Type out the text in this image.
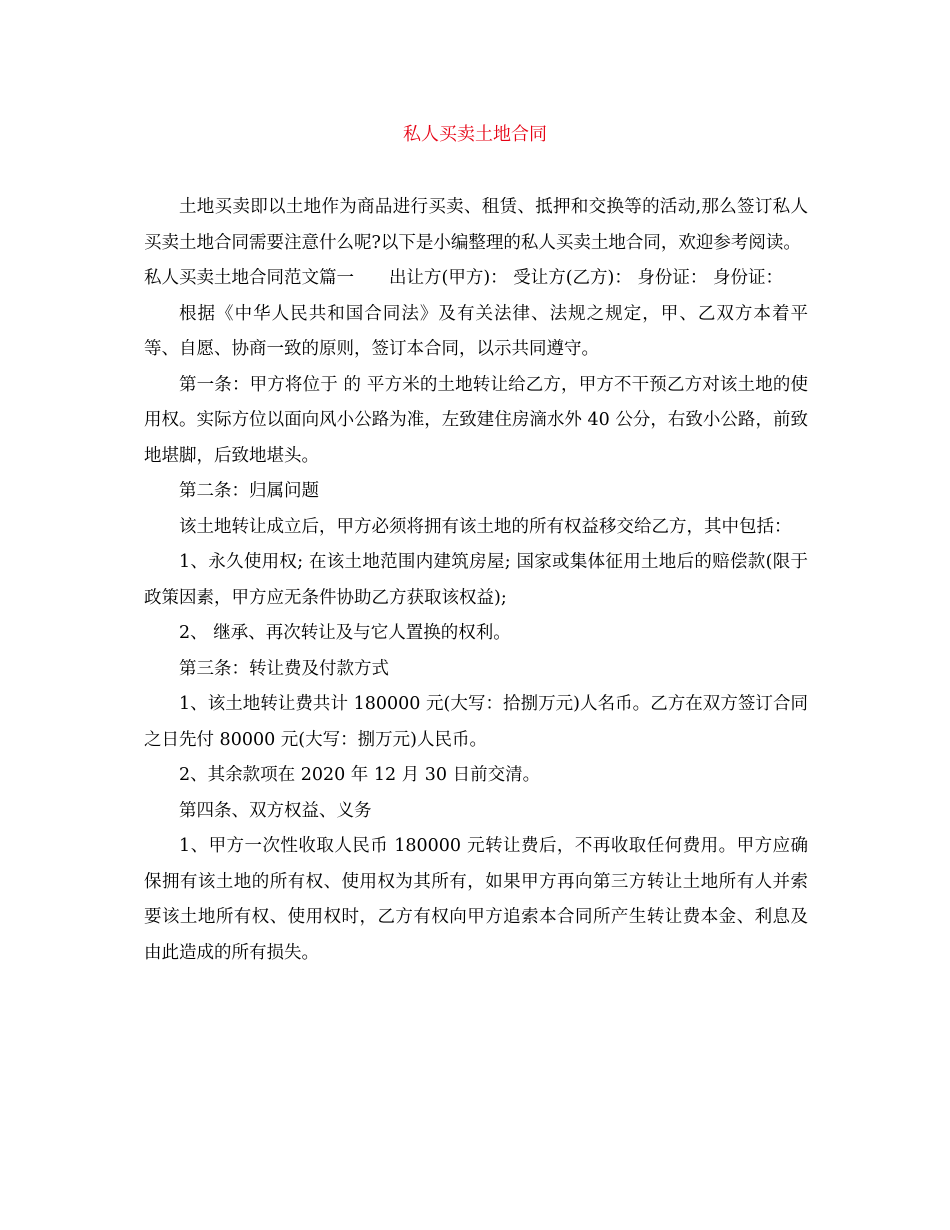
私人买卖土地合同

土地买卖即以土地作为商品进行买卖、租赁、抵押和交换等的活动,那么签订私人买卖土地合同需要注意什么呢?以下是小编整理的私人买卖土地合同，欢迎参考阅读。

私人买卖土地合同范文篇一　　出让方(甲方)： 受让方(乙方)： 身份证： 身份证：

根据《中华人民共和国合同法》及有关法律、法规之规定，甲、乙双方本着平等、自愿、协商一致的原则，签订本合同，以示共同遵守。

第一条：甲方将位于 的 平方米的土地转让给乙方，甲方不干预乙方对该土地的使用权。实际方位以面向风小公路为准，左致建住房滴水外 40 公分，右致小公路，前致地堪脚，后致地堪头。

第二条：归属问题

该土地转让成立后，甲方必须将拥有该土地的所有权益移交给乙方，其中包括：

1、永久使用权; 在该土地范围内建筑房屋; 国家或集体征用土地后的赔偿款(限于政策因素，甲方应无条件协助乙方获取该权益);

2、 继承、再次转让及与它人置换的权利。

第三条：转让费及付款方式

1、该土地转让费共计 180000 元(大写：拾捌万元)人名币。乙方在双方签订合同之日先付 80000 元(大写：捌万元)人民币。

2、其余款项在 2020 年 12 月 30 日前交清。

第四条、双方权益、义务

1、甲方一次性收取人民币 180000 元转让费后，不再收取任何费用。甲方应确保拥有该土地的所有权、使用权为其所有，如果甲方再向第三方转让土地所有人并索要该土地所有权、使用权时，乙方有权向甲方追索本合同所产生转让费本金、利息及由此造成的所有损失。
